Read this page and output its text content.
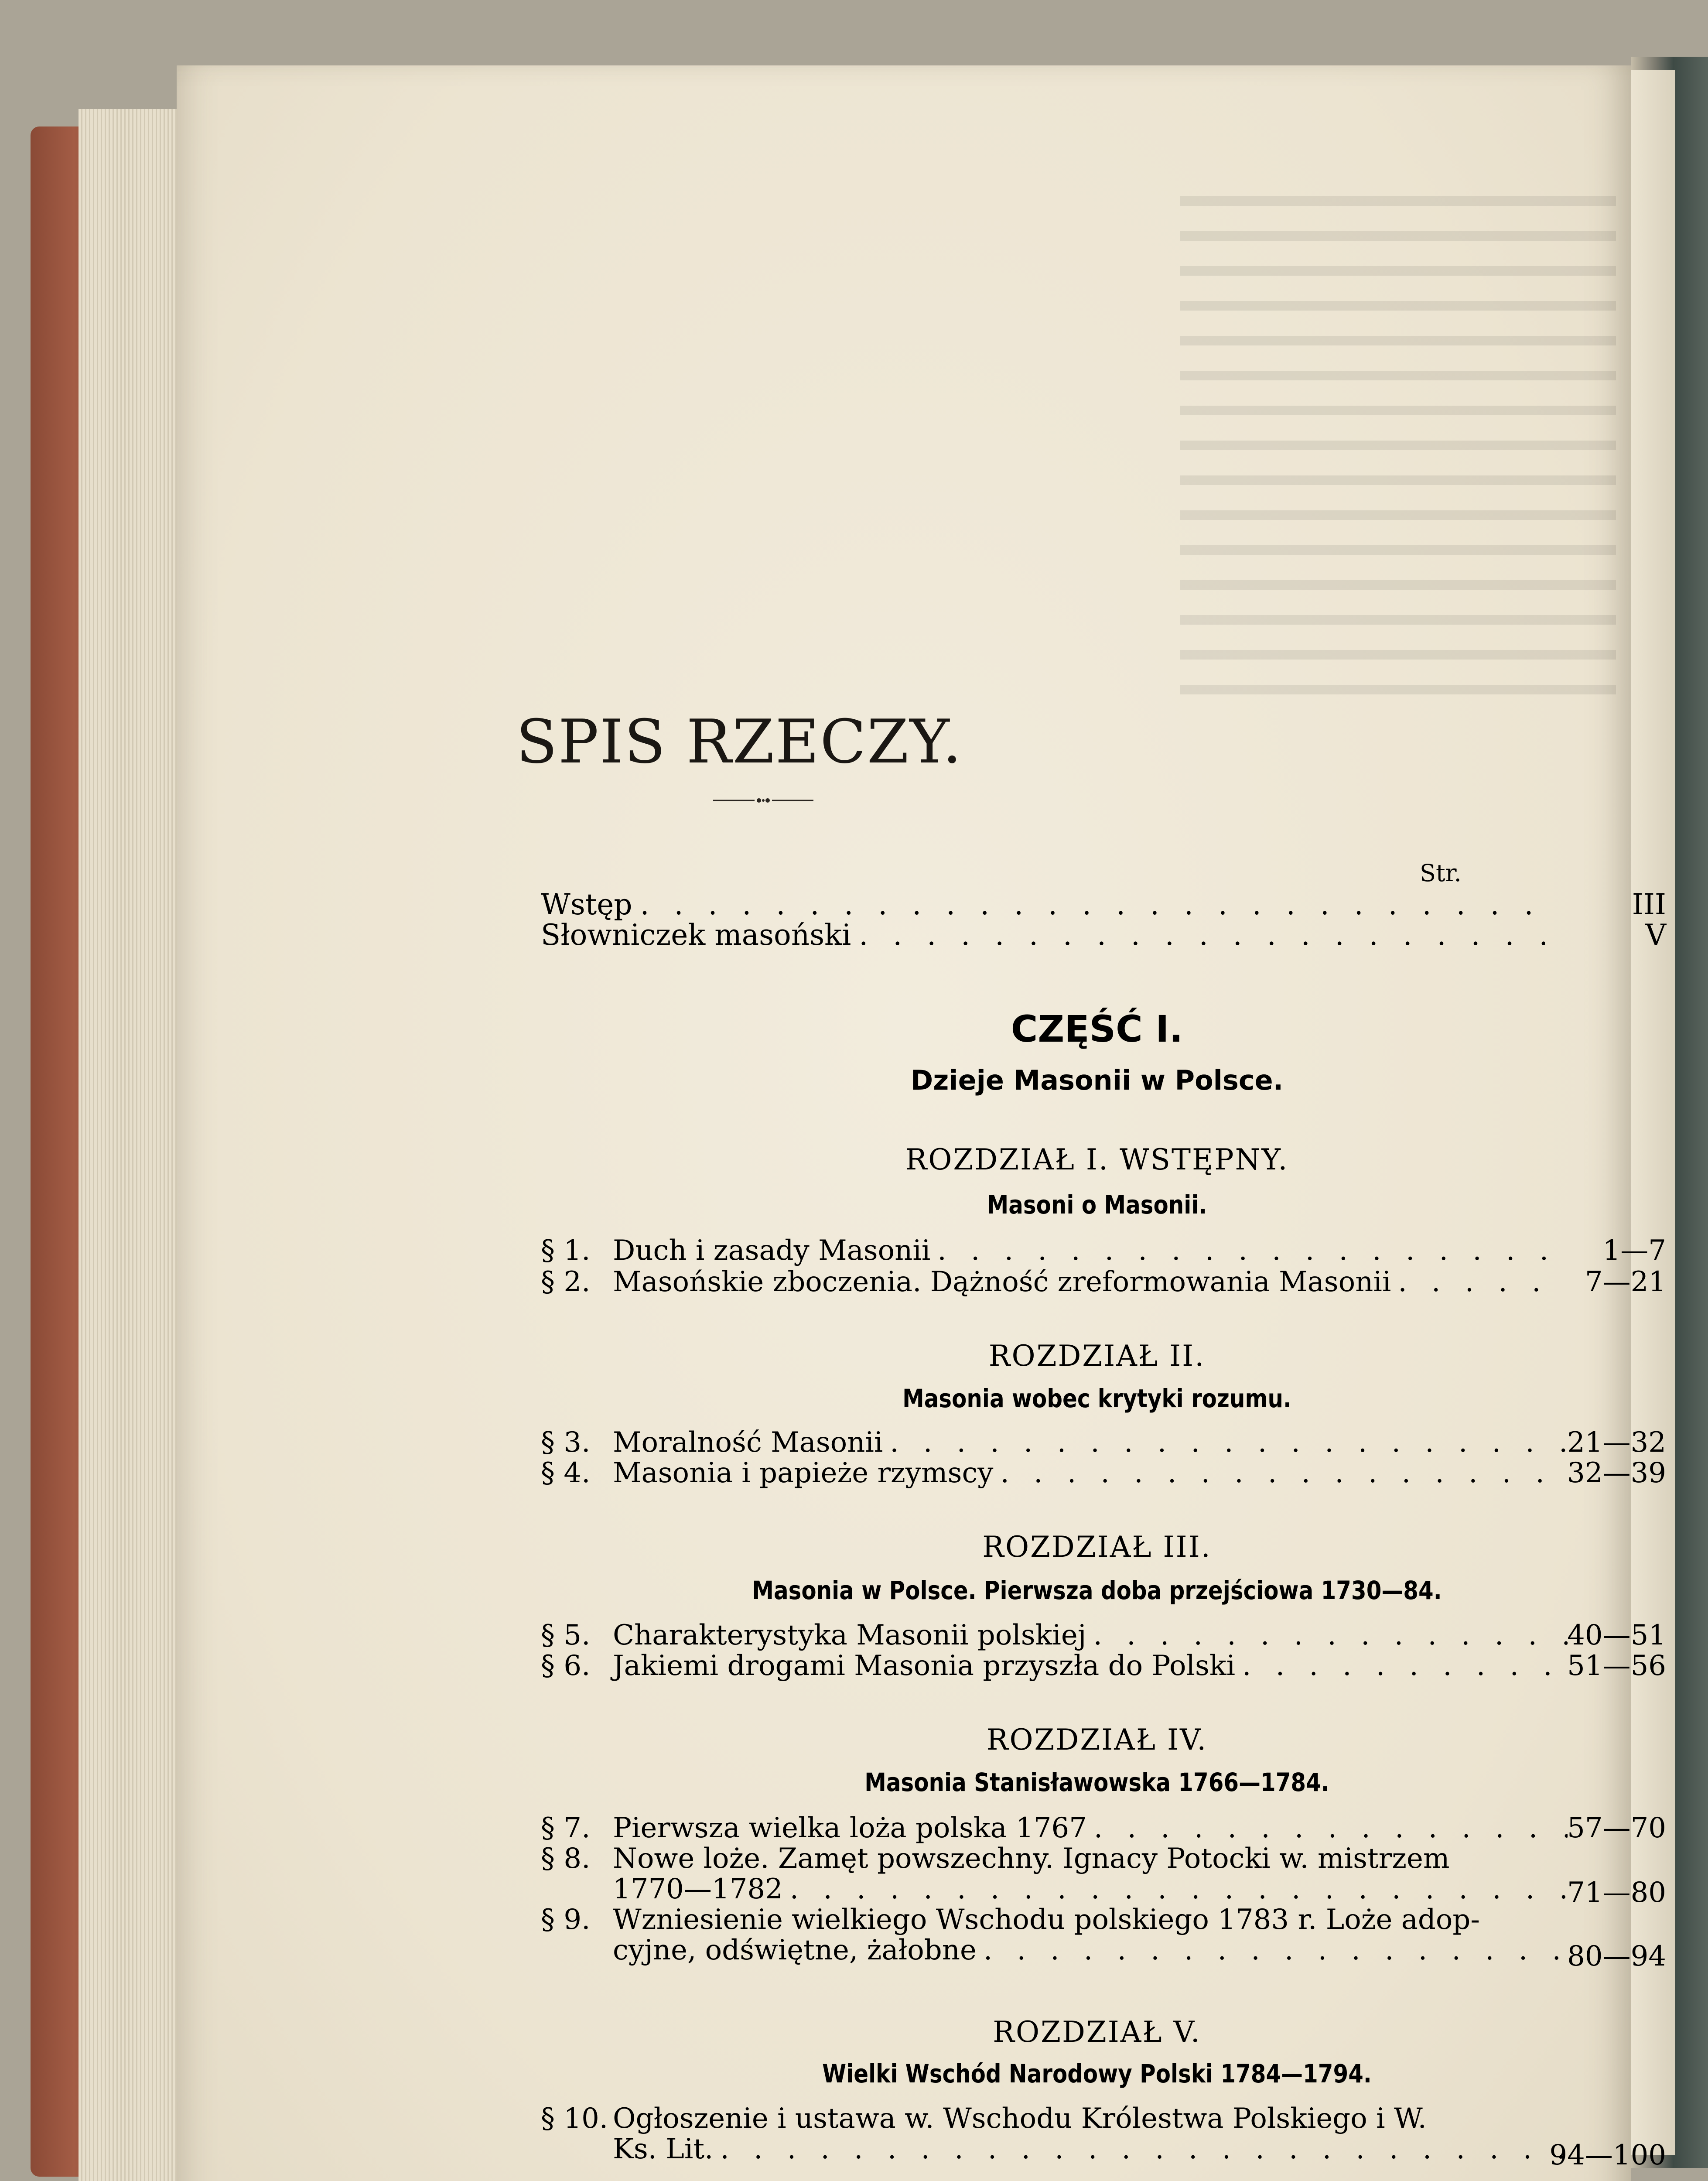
SPIS RZECZY.
Str.
Wstęp . . .	III
Słowniczek masoński . . .	V
CZĘŚĆ I.
Dzieje Masonii w Polsce.
ROZDZIAŁ I. WSTĘPNY.
Masoni o Masonii.
§ 1. Duch i zasady Masonii . . .	1—7
§ 2. Masońskie zboczenia. Dążność zreformowania Masonii . . .	7—21
ROZDZIAŁ II.
Masonia wobec krytyki rozumu.
§ 3. Moralność Masonii . . .	21—32
§ 4. Masonia i papieże rzymscy . . .	32—39
ROZDZIAŁ III.
Masonia w Polsce. Pierwsza doba przejściowa 1730—84.
§ 5. Charakterystyka Masonii polskiej . . .	40—51
§ 6. Jakiemi drogami Masonia przyszła do Polski . . .	51—56
ROZDZIAŁ IV.
Masonia Stanisławowska 1766—1784.
§ 7. Pierwsza wielka loża polska 1767 . . .	57—70
§ 8. Nowe loże. Zamęt powszechny. Ignacy Potocki w. mistrzem
1770—1782 . . .	71—80
§ 9. Wzniesienie wielkiego Wschodu polskiego 1783 r. Loże adop-
cyjne, odświętne, żałobne . . .	80—94
ROZDZIAŁ V.
Wielki Wschód Narodowy Polski 1784—1794.
§ 10. Ogłoszenie i ustawa w. Wschodu Królestwa Polskiego i W.
Ks. Lit. . . .	94—100
